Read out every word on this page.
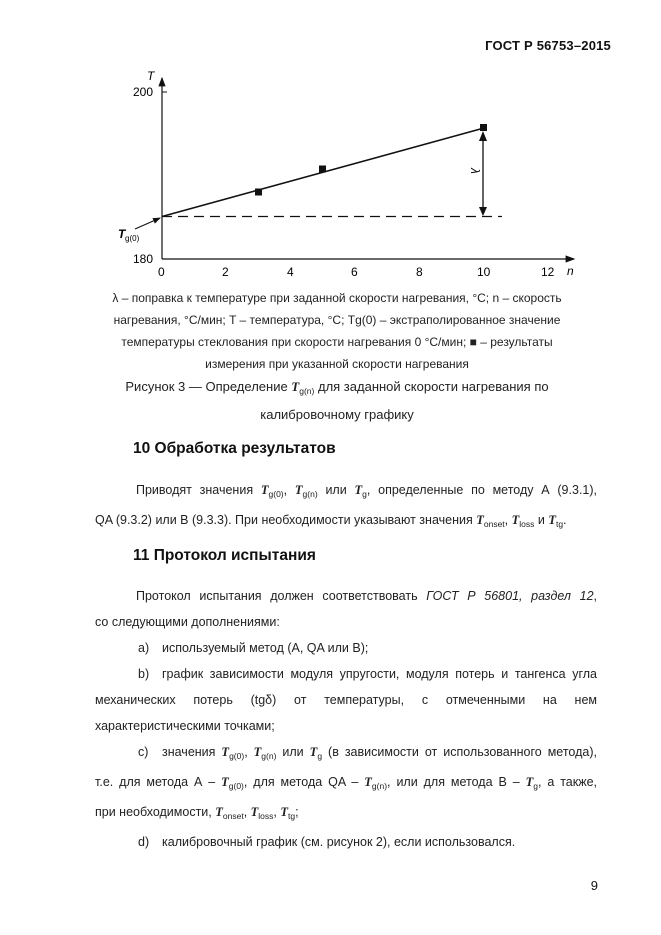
ГОСТ Р 56753–2015
T
n
200
180
0	2	4	6	8	10	12
λ
T g(0)
λ – поправка к температуре при заданной скорости нагревания, °C; n – скорость
нагревания, °С/мин; T – температура, °С; Tg(0) – экстраполированное значение
температуры стеклования при скорости нагревания 0 °С/мин; ■ – результаты
измерения при указанной скорости нагревания
Рисунок 3 — Определение $T_{g(n)}$ для заданной скорости нагревания по
калибровочному графику
10 Обработка результатов
Приводят значения $T_{g(0)}$, $T_{g(n)}$ или $T_g$, определенные по методу А (9.3.1),
QA (9.3.2) или B (9.3.3). При необходимости указывают значения $T_{onset}$, $T_{loss}$ и $T_{tg}$.
11 Протокол испытания
Протокол испытания должен соответствовать ГОСТ Р 56801, раздел 12,
со следующими дополнениями:
a) используемый метод (A, QA или B);
b) график зависимости модуля упругости, модуля потерь и тангенса угла
механических потерь (tgδ) от температуры, с отмеченными на нем
характеристическими точками;
c) значения $T_{g(0)}$, $T_{g(n)}$ или $T_g$ (в зависимости от использованного метода),
т.е. для метода А – $T_{g(0)}$, для метода QA – $T_{g(n)}$, или для метода В – $T_g$, а также,
при необходимости, $T_{onset}$, $T_{loss}$, $T_{tg}$;
d) калибровочный график (см. рисунок 2), если использовался.
9
